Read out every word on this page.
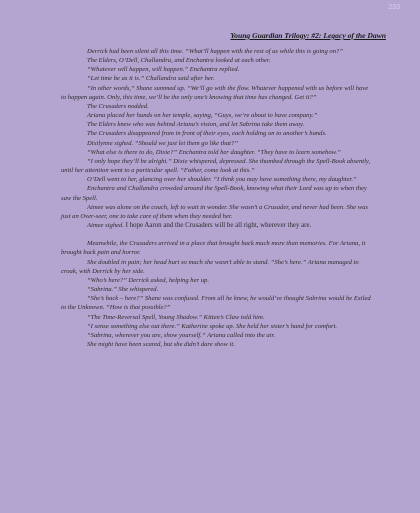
233
Young Guardian Trilogy: #2: Legacy of the Dawn

Derrick had been silent all this time. “What’ll happen with the rest of us while this is going on?”

The Elders, O’Dell, Challandra, and Enchantra looked at each other.

“Whatever will happen, will happen.” Enchantra replied.

“Let time be as it is.” Challandra said after her.

“In other words,” Shane summed up. “We’ll go with the flow. Whatever happened with us before will have to happen again. Only, this time, we’ll be the only one’s knowing that time has changed. Get it?”

The Crusaders nodded.

Ariana placed her hands on her temple, saying, “Guys, we’re about to have company.”

The Elders knew who was behind Ariana’s vision, and let Sabrina take them away.

The Crusaders disappeared from in front of their eyes, each holding on to another’s hands.

Dixilynne sighed. “Should we just let them go like that?”

“What else is there to do, Dixie?” Enchantra told her daughter. “They have to learn somehow.”

“I only hope they’ll be alright.” Dixie whispered, depressed. She thumbed through the Spell-Book absently, until her attention went to a particular spell. “Father, come look at this.”

O’Dell went to her, glancing over her shoulder. “I think you may have something there, my daughter.”

Enchantra and Challandra crowded around the Spell-Book, knowing what their Lord was up to when they saw the Spell.

Aimee was alone on the couch, left to wait in wonder. She wasn’t a Crusader, and never had been. She was just an Over-seer, one to take care of them when they needed her.

Aimee sighed. I hope Aaron and the Crusaders will be all right, wherever they are.

Meanwhile, the Crusaders arrived in a place that brought back much more than memories. For Ariana, it brought back pain and horror.

She doubled in pain; her head hurt so much she wasn’t able to stand. “She’s here.” Ariana managed to croak, with Derrick by her side.

“Who’s here?” Derrick asked, helping her up.

“Sabrina.” She whispered.

“She’s back – here?” Shane was confused. From all he knew, he would’ve thought Sabrina would be Exiled to the Unknown. “How is that possible?”

“The Time-Reversal Spell, Young Shadow.” Kitten’s Claw told him.

“I sense something else out there.” Katherine spoke up. She held her sister’s hand for comfort.

“Sabrina, wherever you are, show yourself.” Ariana called into the air.

She might have been scared, but she didn’t dare show it.
